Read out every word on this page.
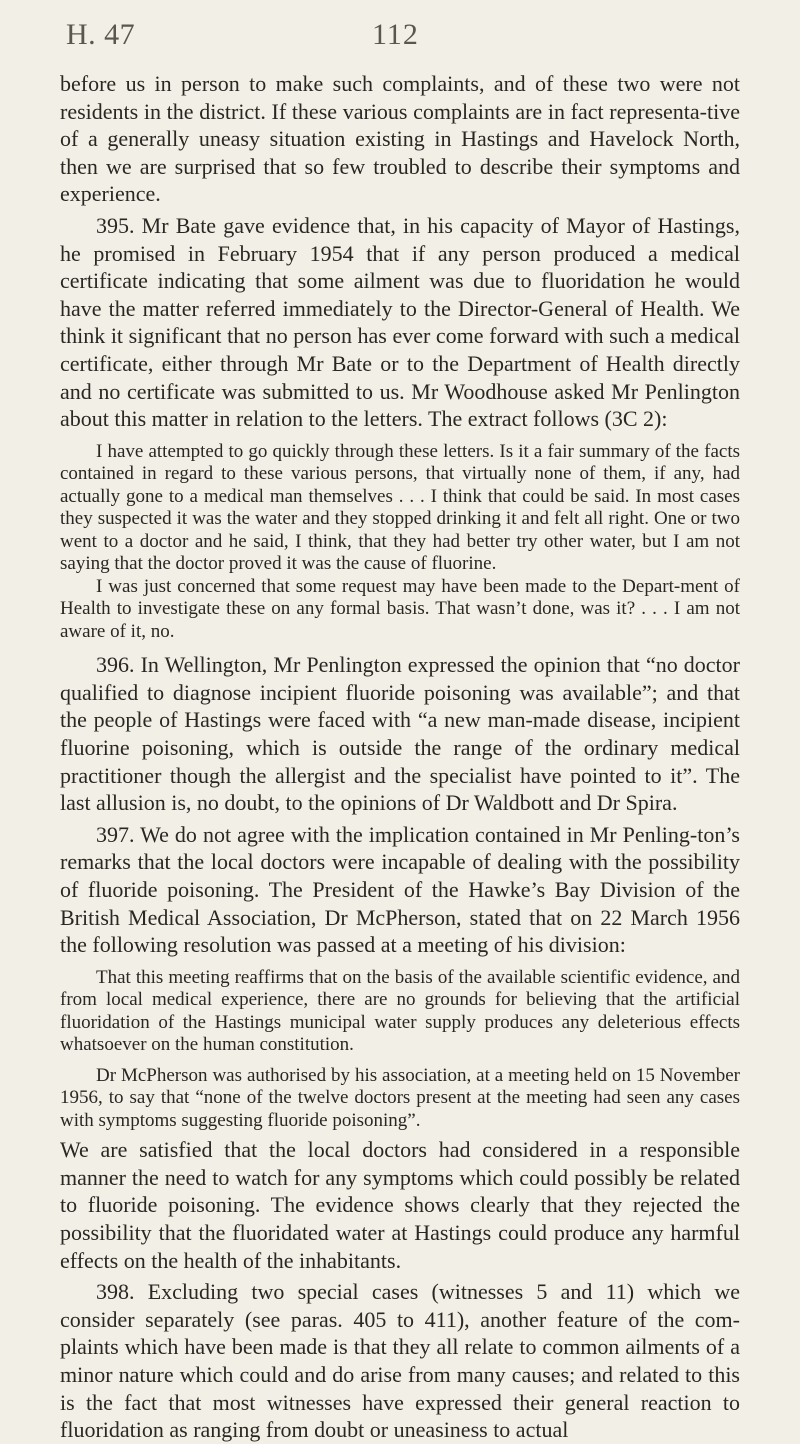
H. 47	112

before us in person to make such complaints, and of these two were not residents in the district. If these various complaints are in fact representa-tive of a generally uneasy situation existing in Hastings and Havelock North, then we are surprised that so few troubled to describe their symptoms and experience.

395. Mr Bate gave evidence that, in his capacity of Mayor of Hastings, he promised in February 1954 that if any person produced a medical certificate indicating that some ailment was due to fluoridation he would have the matter referred immediately to the Director-General of Health. We think it significant that no person has ever come forward with such a medical certificate, either through Mr Bate or to the Department of Health directly and no certificate was submitted to us. Mr Woodhouse asked Mr Penlington about this matter in relation to the letters. The extract follows (3C 2):

I have attempted to go quickly through these letters. Is it a fair summary of the facts contained in regard to these various persons, that virtually none of them, if any, had actually gone to a medical man themselves . . . I think that could be said. In most cases they suspected it was the water and they stopped drinking it and felt all right. One or two went to a doctor and he said, I think, that they had better try other water, but I am not saying that the doctor proved it was the cause of fluorine.

I was just concerned that some request may have been made to the Depart-ment of Health to investigate these on any formal basis. That wasn’t done, was it? . . . I am not aware of it, no.

396. In Wellington, Mr Penlington expressed the opinion that “no doctor qualified to diagnose incipient fluoride poisoning was available”; and that the people of Hastings were faced with “a new man-made disease, incipient fluorine poisoning, which is outside the range of the ordinary medical practitioner though the allergist and the specialist have pointed to it”. The last allusion is, no doubt, to the opinions of Dr Waldbott and Dr Spira.

397. We do not agree with the implication contained in Mr Penling-ton’s remarks that the local doctors were incapable of dealing with the possibility of fluoride poisoning. The President of the Hawke’s Bay Division of the British Medical Association, Dr McPherson, stated that on 22 March 1956 the following resolution was passed at a meeting of his division:

That this meeting reaffirms that on the basis of the available scientific evidence, and from local medical experience, there are no grounds for believing that the artificial fluoridation of the Hastings municipal water supply produces any deleterious effects whatsoever on the human constitution.

Dr McPherson was authorised by his association, at a meeting held on 15 November 1956, to say that “none of the twelve doctors present at the meeting had seen any cases with symptoms suggesting fluoride poisoning”.

We are satisfied that the local doctors had considered in a responsible manner the need to watch for any symptoms which could possibly be related to fluoride poisoning. The evidence shows clearly that they rejected the possibility that the fluoridated water at Hastings could produce any harmful effects on the health of the inhabitants.

398. Excluding two special cases (witnesses 5 and 11) which we consider separately (see paras. 405 to 411), another feature of the com-plaints which have been made is that they all relate to common ailments of a minor nature which could and do arise from many causes; and related to this is the fact that most witnesses have expressed their general reaction to fluoridation as ranging from doubt or uneasiness to actual
